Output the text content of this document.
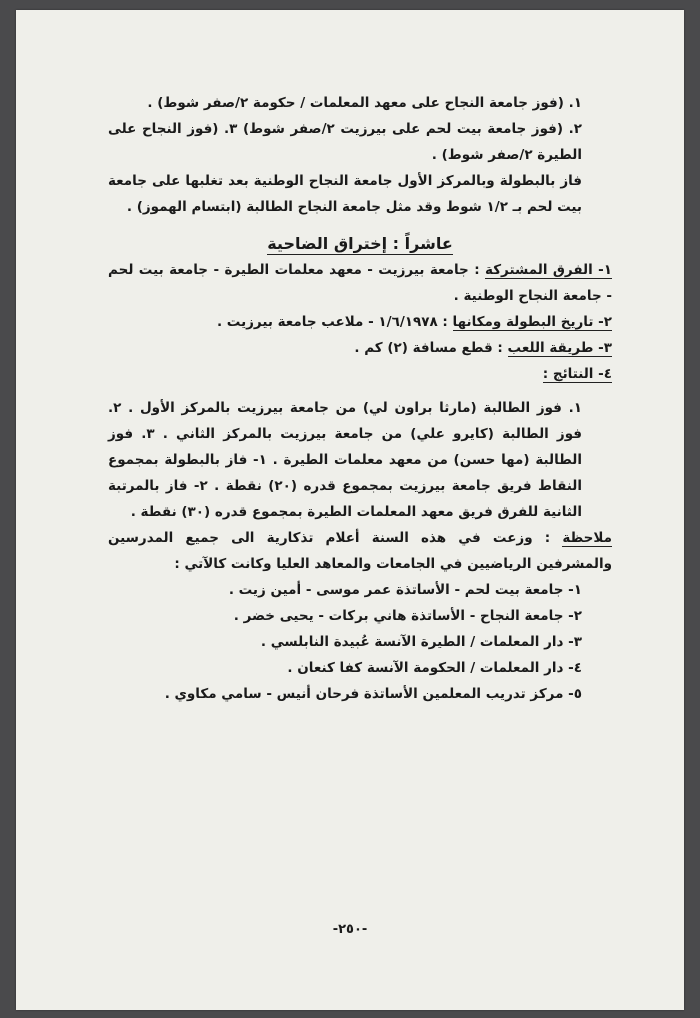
١. (فوز جامعة النجاح على معهد المعلمات / حكومة ٢/صفر شوط) .

٢. (فوز جامعة بيت لحم على بيرزيت ٢/صفر شوط) ٣. (فوز النجاح على الطيرة ٢/صفر شوط) .

فاز بالبطولة وبالمركز الأول جامعة النجاح الوطنية بعد تغلبها على جامعة بيت لحم بـ ١/٢ شوط وقد مثل جامعة النجاح الطالبة (ابتسام الهموز) .

عاشراً : إختراق الضاحية

١- الفرق المشتركة : جامعة بيرزيت - معهد معلمات الطيرة - جامعة بيت لحم - جامعة النجاح الوطنية .

٢- تاريخ البطولة ومكانها : ١/٦/١٩٧٨ - ملاعب جامعة بيرزيت .

٣- طريقة اللعب : قطع مسافة (٢) كم .

٤- النتائج :

١. فوز الطالبة (مارثا براون لي) من جامعة بيرزيت بالمركز الأول . ٢. فوز الطالبة (كايرو علي) من جامعة بيرزيت بالمركز الثاني . ٣. فوز الطالبة (مها حسن) من معهد معلمات الطيرة . ١- فاز بالبطولة بمجموع النقاط فريق جامعة بيرزيت بمجموع قدره (٢٠) نقطة . ٢- فاز بالمرتبة الثانية للفرق فريق معهد المعلمات الطيرة بمجموع قدره (٣٠) نقطة .

ملاحظة : وزعت في هذه السنة أعلام تذكارية الى جميع المدرسين والمشرفين الرياضيين في الجامعات والمعاهد العليا وكانت كالآتي :

١- جامعة بيت لحم - الأساتذة عمر موسى - أمين زيت .

٢- جامعة النجاح - الأساتذة هاني بركات - يحيى خضر .

٣- دار المعلمات / الطيرة الآنسة عُبيدة النابلسي .

٤- دار المعلمات / الحكومة الآنسة كفا كنعان .

٥- مركز تدريب المعلمين الأساتذة فرحان أنيس - سامي مكاوي .

-٢٥٠-
